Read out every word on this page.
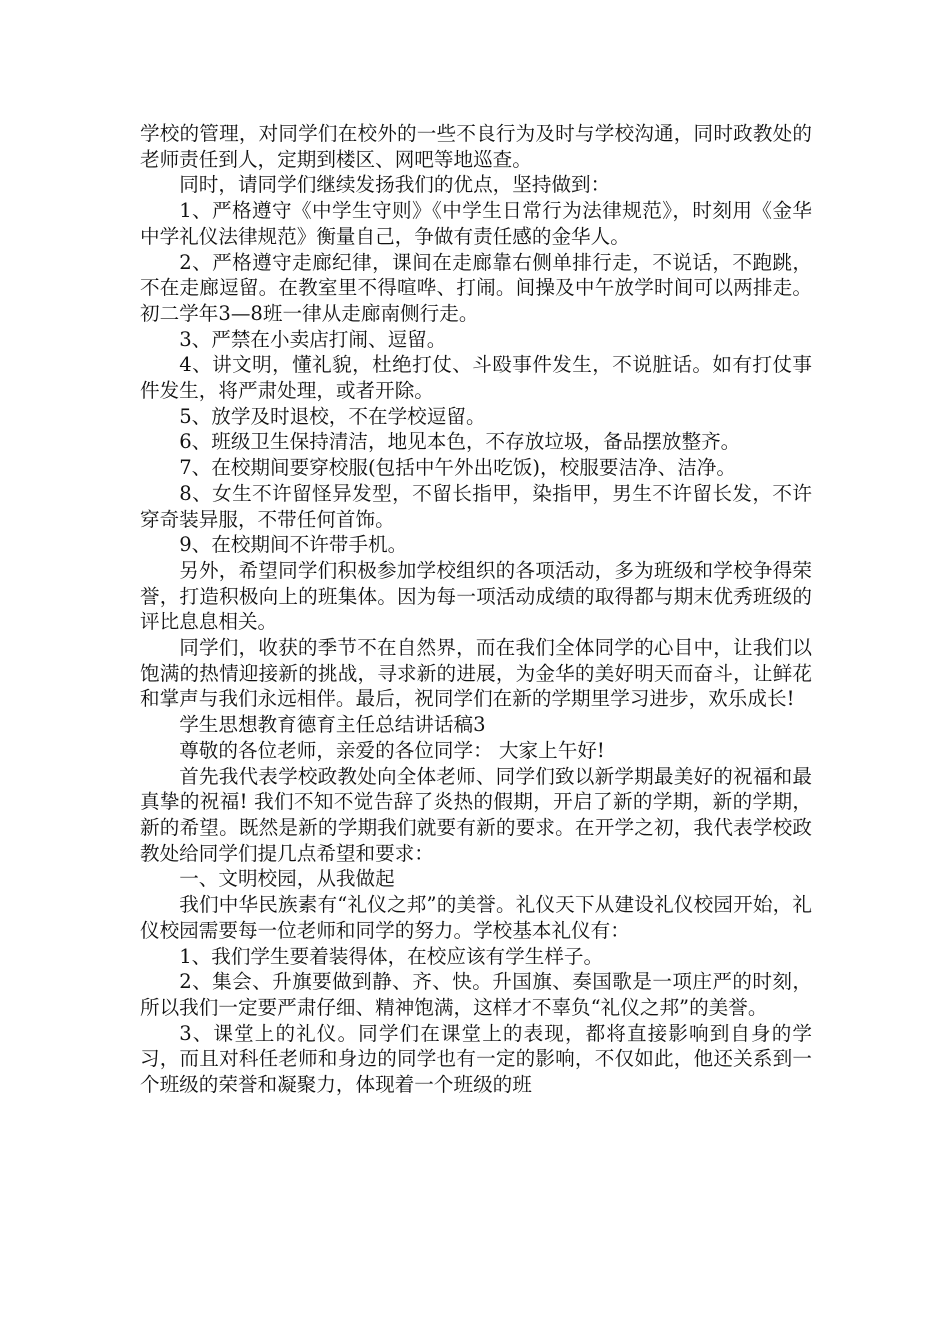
学校的管理，对同学们在校外的一些不良行为及时与学校沟通，同时政教处的老师责任到人，定期到楼区、网吧等地巡查。

同时，请同学们继续发扬我们的优点，坚持做到：

1、严格遵守《中学生守则》《中学生日常行为法律规范》，时刻用《金华中学礼仪法律规范》衡量自己，争做有责任感的金华人。

2、严格遵守走廊纪律，课间在走廊靠右侧单排行走，不说话，不跑跳，不在走廊逗留。在教室里不得喧哗、打闹。间操及中午放学时间可以两排走。初二学年3—8班一律从走廊南侧行走。

3、严禁在小卖店打闹、逗留。

4、讲文明，懂礼貌，杜绝打仗、斗殴事件发生，不说脏话。如有打仗事件发生，将严肃处理，或者开除。

5、放学及时退校，不在学校逗留。

6、班级卫生保持清洁，地见本色，不存放垃圾，备品摆放整齐。

7、在校期间要穿校服(包括中午外出吃饭)，校服要洁净、洁净。

8、女生不许留怪异发型，不留长指甲，染指甲，男生不许留长发，不许穿奇装异服，不带任何首饰。

9、在校期间不许带手机。

另外，希望同学们积极参加学校组织的各项活动，多为班级和学校争得荣誉，打造积极向上的班集体。因为每一项活动成绩的取得都与期末优秀班级的评比息息相关。

同学们，收获的季节不在自然界，而在我们全体同学的心目中，让我们以饱满的热情迎接新的挑战，寻求新的进展，为金华的美好明天而奋斗，让鲜花和掌声与我们永远相伴。最后，祝同学们在新的学期里学习进步，欢乐成长!

学生思想教育德育主任总结讲话稿3

尊敬的各位老师，亲爱的各位同学： 大家上午好!

首先我代表学校政教处向全体老师、同学们致以新学期最美好的祝福和最真挚的祝福! 我们不知不觉告辞了炎热的假期，开启了新的学期，新的学期，新的希望。既然是新的学期我们就要有新的要求。在开学之初，我代表学校政教处给同学们提几点希望和要求：

一、文明校园，从我做起

我们中华民族素有“礼仪之邦”的美誉。礼仪天下从建设礼仪校园开始，礼仪校园需要每一位老师和同学的努力。学校基本礼仪有：

1、我们学生要着装得体，在校应该有学生样子。

2、集会、升旗要做到静、齐、快。升国旗、奏国歌是一项庄严的时刻，所以我们一定要严肃仔细、精神饱满，这样才不辜负“礼仪之邦”的美誉。

3、课堂上的礼仪。同学们在课堂上的表现，都将直接影响到自身的学习，而且对科任老师和身边的同学也有一定的影响，不仅如此，他还关系到一个班级的荣誉和凝聚力，体现着一个班级的班
